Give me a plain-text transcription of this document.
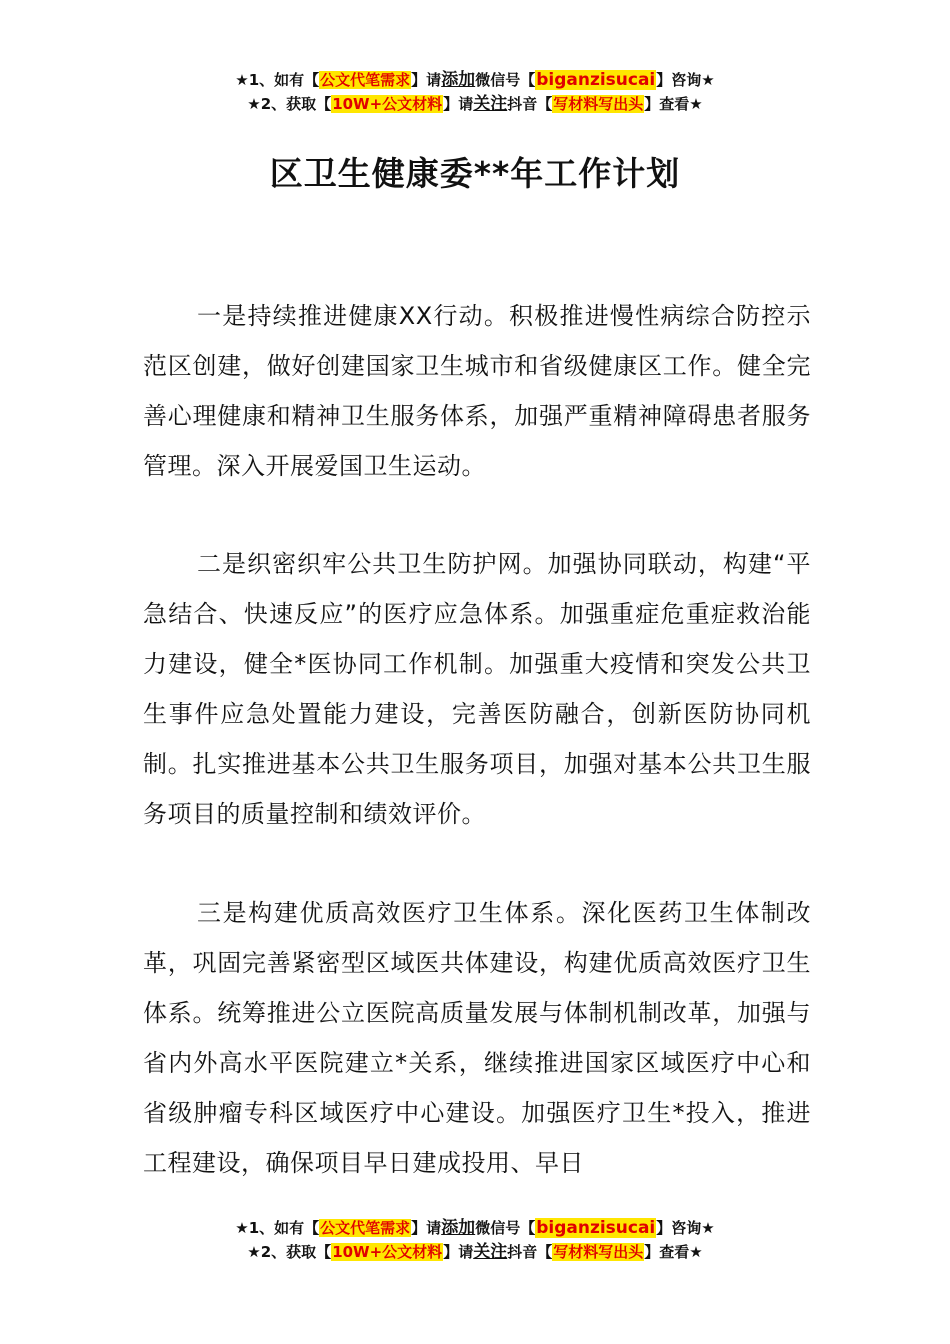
★1、如有【公文代笔需求】请添加微信号【biganzisucai】咨询★
★2、获取【10W+公文材料】请关注抖音【写材料写出头】查看★
区卫生健康委**年工作计划

一是持续推进健康XX行动。积极推进慢性病综合防控示范区创建，做好创建国家卫生城市和省级健康区工作。健全完善心理健康和精神卫生服务体系，加强严重精神障碍患者服务管理。深入开展爱国卫生运动。

二是织密织牢公共卫生防护网。加强协同联动，构建“平急结合、快速反应”的医疗应急体系。加强重症危重症救治能力建设，健全*医协同工作机制。加强重大疫情和突发公共卫生事件应急处置能力建设，完善医防融合，创新医防协同机制。扎实推进基本公共卫生服务项目，加强对基本公共卫生服务项目的质量控制和绩效评价。

三是构建优质高效医疗卫生体系。深化医药卫生体制改革，巩固完善紧密型区域医共体建设，构建优质高效医疗卫生体系。统筹推进公立医院高质量发展与体制机制改革，加强与省内外高水平医院建立*关系，继续推进国家区域医疗中心和省级肿瘤专科区域医疗中心建设。加强医疗卫生*投入，推进工程建设，确保项目早日建成投用、早日

★1、如有【公文代笔需求】请添加微信号【biganzisucai】咨询★
★2、获取【10W+公文材料】请关注抖音【写材料写出头】查看★
